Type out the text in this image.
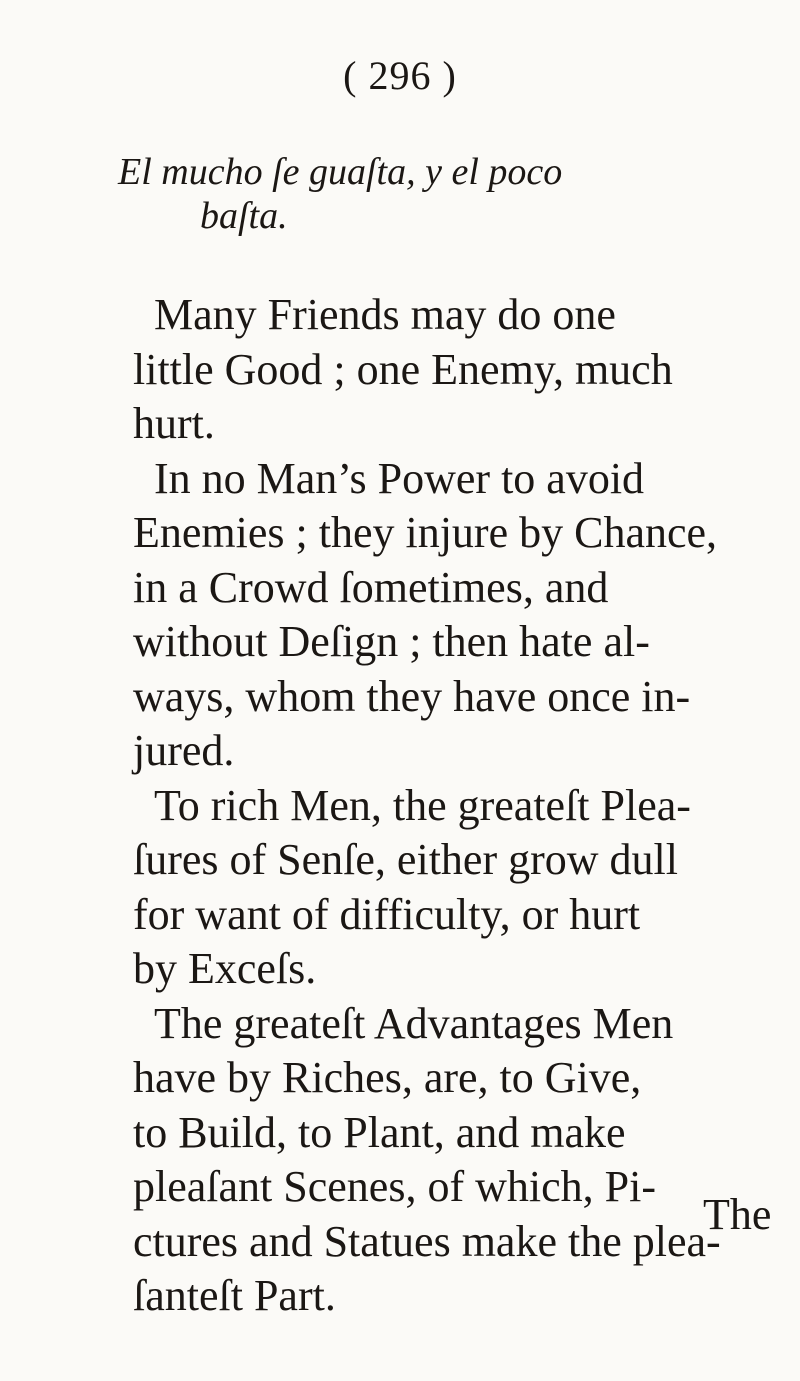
( 296 )
El mucho ſe guaſta, y el poco
baſta.

Many Friends may do one
little Good ; one Enemy, much
hurt.

In no Man’s Power to avoid
Enemies ; they injure by Chance,
in a Crowd ſometimes, and
without Deſign ; then hate al-
ways, whom they have once in-
jured.

To rich Men, the greateſt Plea-
ſures of Senſe, either grow dull
for want of difficulty, or hurt
by Exceſs.

The greateſt Advantages Men
have by Riches, are, to Give,
to Build, to Plant, and make
pleaſant Scenes, of which, Pi-
ctures and Statues make the plea-
ſanteſt Part.

The
